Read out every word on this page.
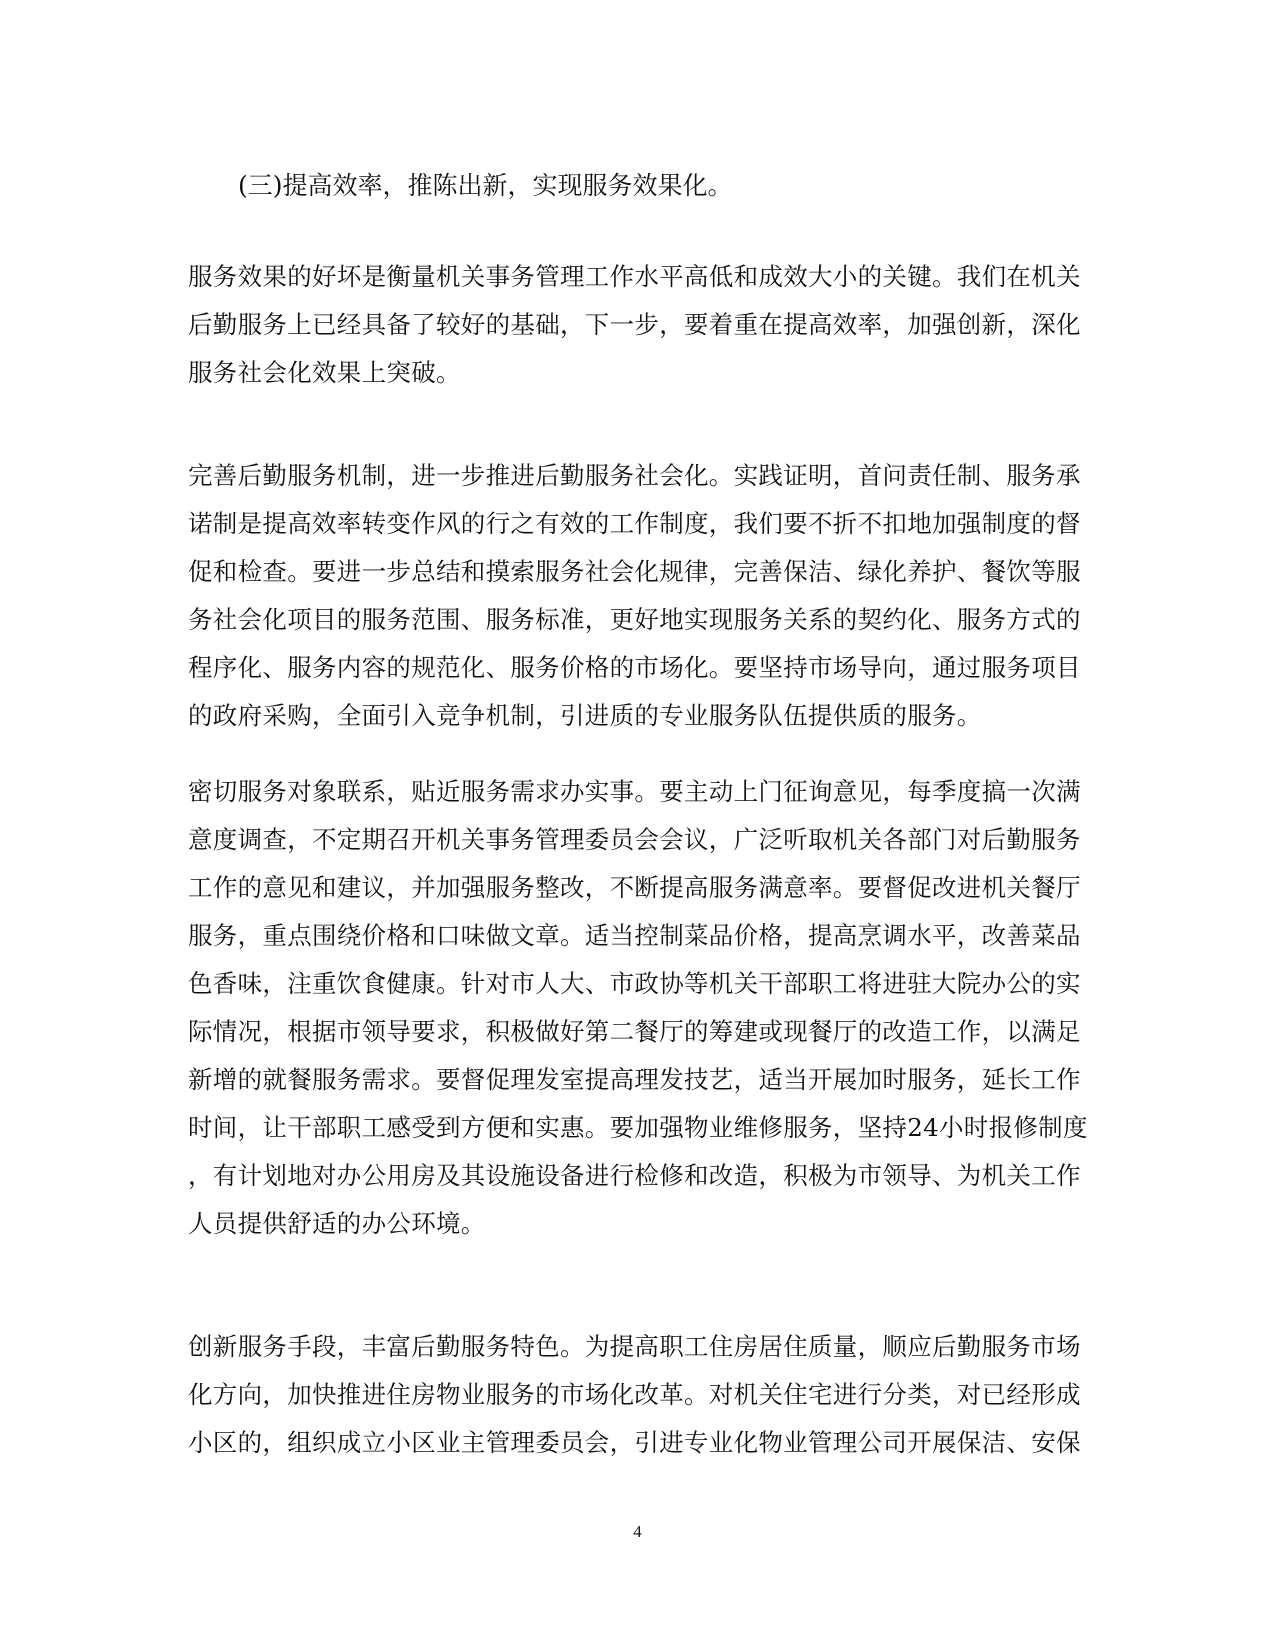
(三)提高效率，推陈出新，实现服务效果化。
服务效果的好坏是衡量机关事务管理工作水平高低和成效大小的关键。我们在机关
后勤服务上已经具备了较好的基础，下一步，要着重在提高效率，加强创新，深化
服务社会化效果上突破。
完善后勤服务机制，进一步推进后勤服务社会化。实践证明，首问责任制、服务承
诺制是提高效率转变作风的行之有效的工作制度，我们要不折不扣地加强制度的督
促和检查。要进一步总结和摸索服务社会化规律，完善保洁、绿化养护、餐饮等服
务社会化项目的服务范围、服务标准，更好地实现服务关系的契约化、服务方式的
程序化、服务内容的规范化、服务价格的市场化。要坚持市场导向，通过服务项目
的政府采购，全面引入竞争机制，引进质的专业服务队伍提供质的服务。
密切服务对象联系，贴近服务需求办实事。要主动上门征询意见，每季度搞一次满
意度调查，不定期召开机关事务管理委员会会议，广泛听取机关各部门对后勤服务
工作的意见和建议，并加强服务整改，不断提高服务满意率。要督促改进机关餐厅
服务，重点围绕价格和口味做文章。适当控制菜品价格，提高烹调水平，改善菜品
色香味，注重饮食健康。针对市人大、市政协等机关干部职工将进驻大院办公的实
际情况，根据市领导要求，积极做好第二餐厅的筹建或现餐厅的改造工作，以满足
新增的就餐服务需求。要督促理发室提高理发技艺，适当开展加时服务，延长工作
时间，让干部职工感受到方便和实惠。要加强物业维修服务，坚持24小时报修制度
，有计划地对办公用房及其设施设备进行检修和改造，积极为市领导、为机关工作
人员提供舒适的办公环境。
创新服务手段，丰富后勤服务特色。为提高职工住房居住质量，顺应后勤服务市场
化方向，加快推进住房物业服务的市场化改革。对机关住宅进行分类，对已经形成
小区的，组织成立小区业主管理委员会，引进专业化物业管理公司开展保洁、安保
4
